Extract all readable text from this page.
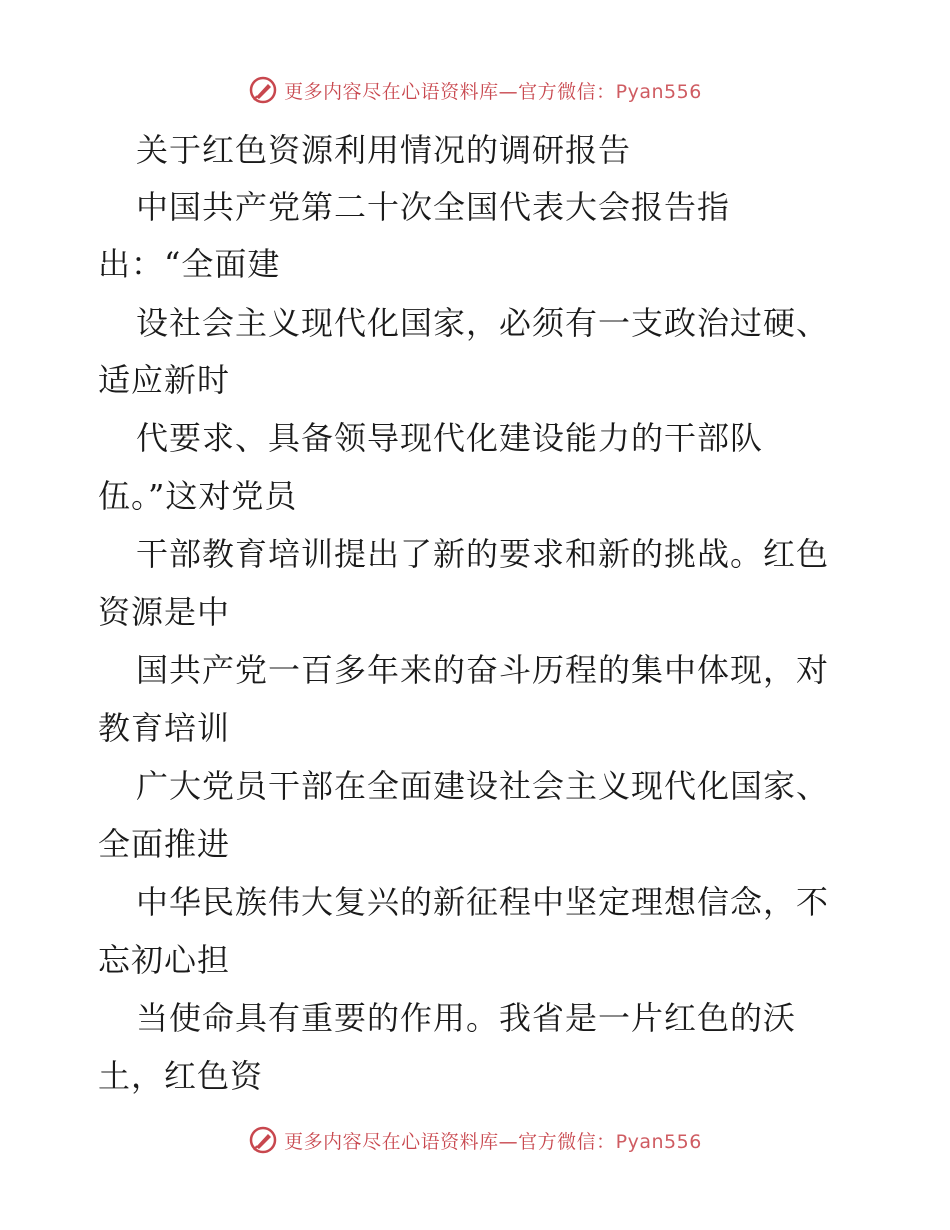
更多内容尽在心语资料库—官方微信：Pyan556
关于红色资源利用情况的调研报告
中国共产党第二十次全国代表大会报告指
出：“全面建
设社会主义现代化国家，必须有一支政治过硬、
适应新时
代要求、具备领导现代化建设能力的干部队
伍。”这对党员
干部教育培训提出了新的要求和新的挑战。红色
资源是中
国共产党一百多年来的奋斗历程的集中体现，对
教育培训
广大党员干部在全面建设社会主义现代化国家、
全面推进
中华民族伟大复兴的新征程中坚定理想信念，不
忘初心担
当使命具有重要的作用。我省是一片红色的沃
土，红色资
更多内容尽在心语资料库—官方微信：Pyan556
